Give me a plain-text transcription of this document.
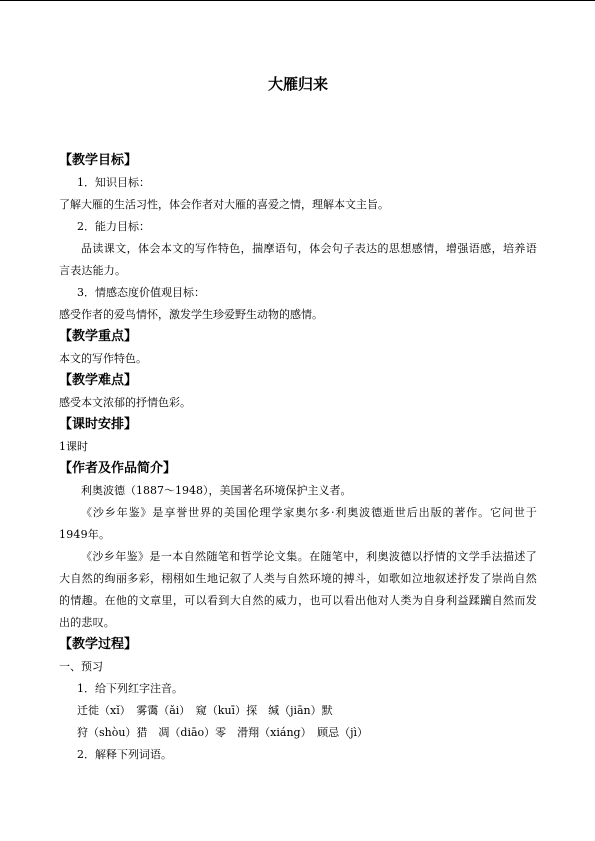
大雁归来
【教学目标】
1．知识目标：
了解大雁的生活习性，体会作者对大雁的喜爱之情，理解本文主旨。
2．能力目标：
品读课文，体会本文的写作特色，揣摩语句，体会句子表达的思想感情，增强语感，培养语言表达能力。
3．情感态度价值观目标：
感受作者的爱鸟情怀，激发学生珍爱野生动物的感情。
【教学重点】
本文的写作特色。
【教学难点】
感受本文浓郁的抒情色彩。
【课时安排】
1课时
【作者及作品简介】
利奥波德（1887～1948），美国著名环境保护主义者。
《沙乡年鉴》是享誉世界的美国伦理学家奥尔多·利奥波德逝世后出版的著作。它问世于1949年。
《沙乡年鉴》是一本自然随笔和哲学论文集。在随笔中，利奥波德以抒情的文学手法描述了大自然的绚丽多彩，栩栩如生地记叙了人类与自然环境的搏斗，如歌如泣地叙述抒发了崇尚自然的情趣。在他的文章里，可以看到大自然的威力，也可以看出他对人类为自身利益蹂躏自然而发出的悲叹。
【教学过程】
一、预习
1．给下列红字注音。
迁徙（xǐ）　雾霭（ǎi）　窥（kuī）探　缄（jiān）默
狩（shòu）猎　凋（diāo）零　滑翔（xiáng）　顾忌（jì）
2．解释下列词语。
